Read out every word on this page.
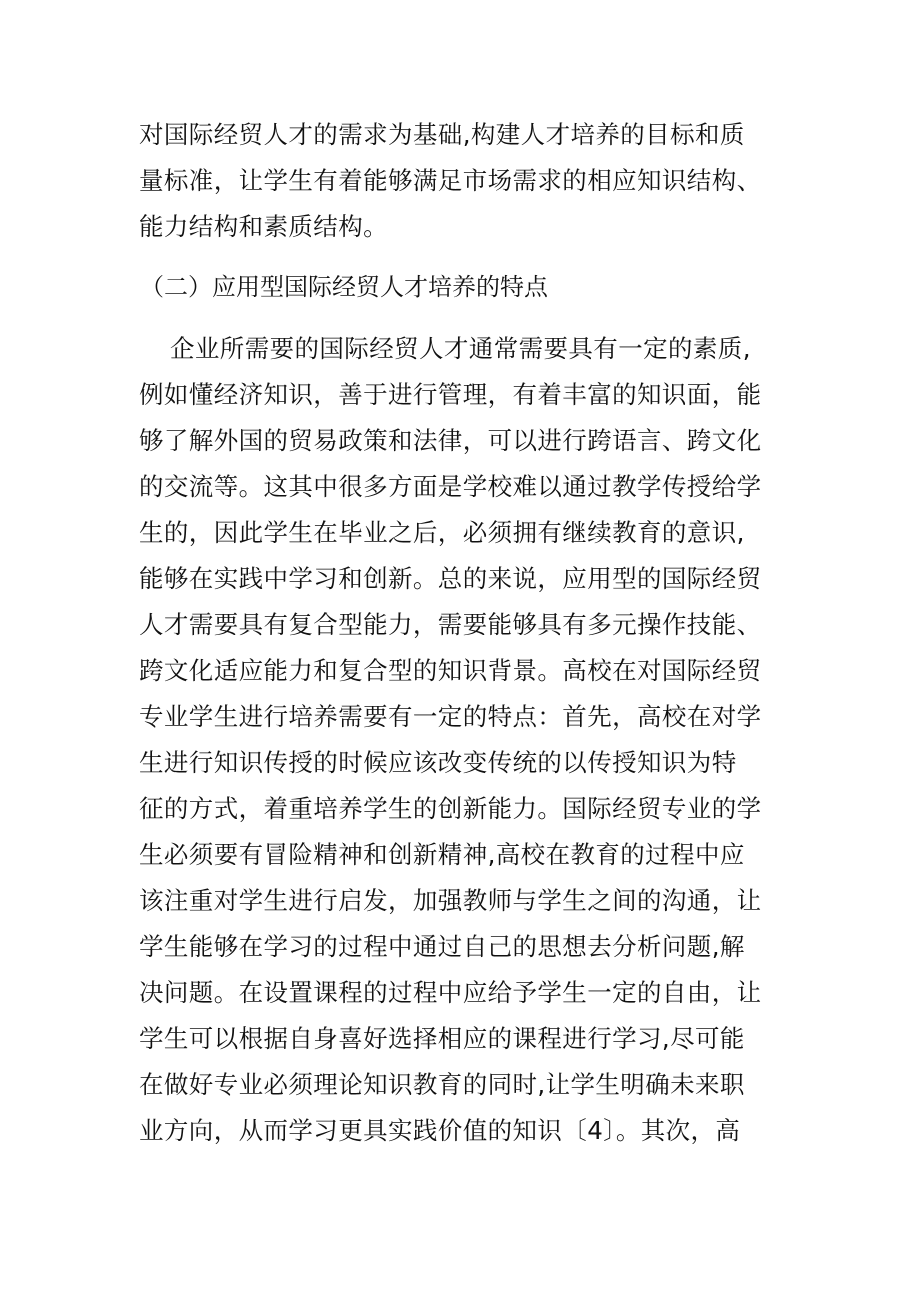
对国际经贸人才的需求为基础,构建人才培养的目标和质
量标准，让学生有着能够满足市场需求的相应知识结构、
能力结构和素质结构。
（二）应用型国际经贸人才培养的特点
企业所需要的国际经贸人才通常需要具有一定的素质,
例如懂经济知识，善于进行管理，有着丰富的知识面，能
够了解外国的贸易政策和法律，可以进行跨语言、跨文化
的交流等。这其中很多方面是学校难以通过教学传授给学
生的，因此学生在毕业之后，必须拥有继续教育的意识,
能够在实践中学习和创新。总的来说，应用型的国际经贸
人才需要具有复合型能力，需要能够具有多元操作技能、
跨文化适应能力和复合型的知识背景。高校在对国际经贸
专业学生进行培养需要有一定的特点：首先，高校在对学
生进行知识传授的时候应该改变传统的以传授知识为特
征的方式，着重培养学生的创新能力。国际经贸专业的学
生必须要有冒险精神和创新精神,高校在教育的过程中应
该注重对学生进行启发，加强教师与学生之间的沟通，让
学生能够在学习的过程中通过自己的思想去分析问题,解
决问题。在设置课程的过程中应给予学生一定的自由，让
学生可以根据自身喜好选择相应的课程进行学习,尽可能
在做好专业必须理论知识教育的同时,让学生明确未来职
业方向，从而学习更具实践价值的知识〔4〕。其次，高
